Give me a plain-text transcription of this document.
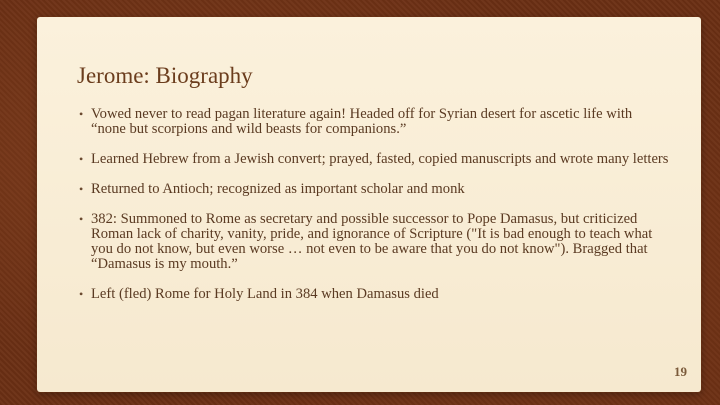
Jerome: Biography
• Vowed never to read pagan literature again! Headed off for Syrian desert for ascetic life with “none but scorpions and wild beasts for companions.”
• Learned Hebrew from a Jewish convert; prayed, fasted, copied manuscripts and wrote many letters
• Returned to Antioch; recognized as important scholar and monk
• 382: Summoned to Rome as secretary and possible successor to Pope Damasus, but criticized Roman lack of charity, vanity, pride, and ignorance of Scripture ("It is bad enough to teach what you do not know, but even worse … not even to be aware that you do not know"). Bragged that “Damasus is my mouth.”
• Left (fled) Rome for Holy Land in 384 when Damasus died
19
